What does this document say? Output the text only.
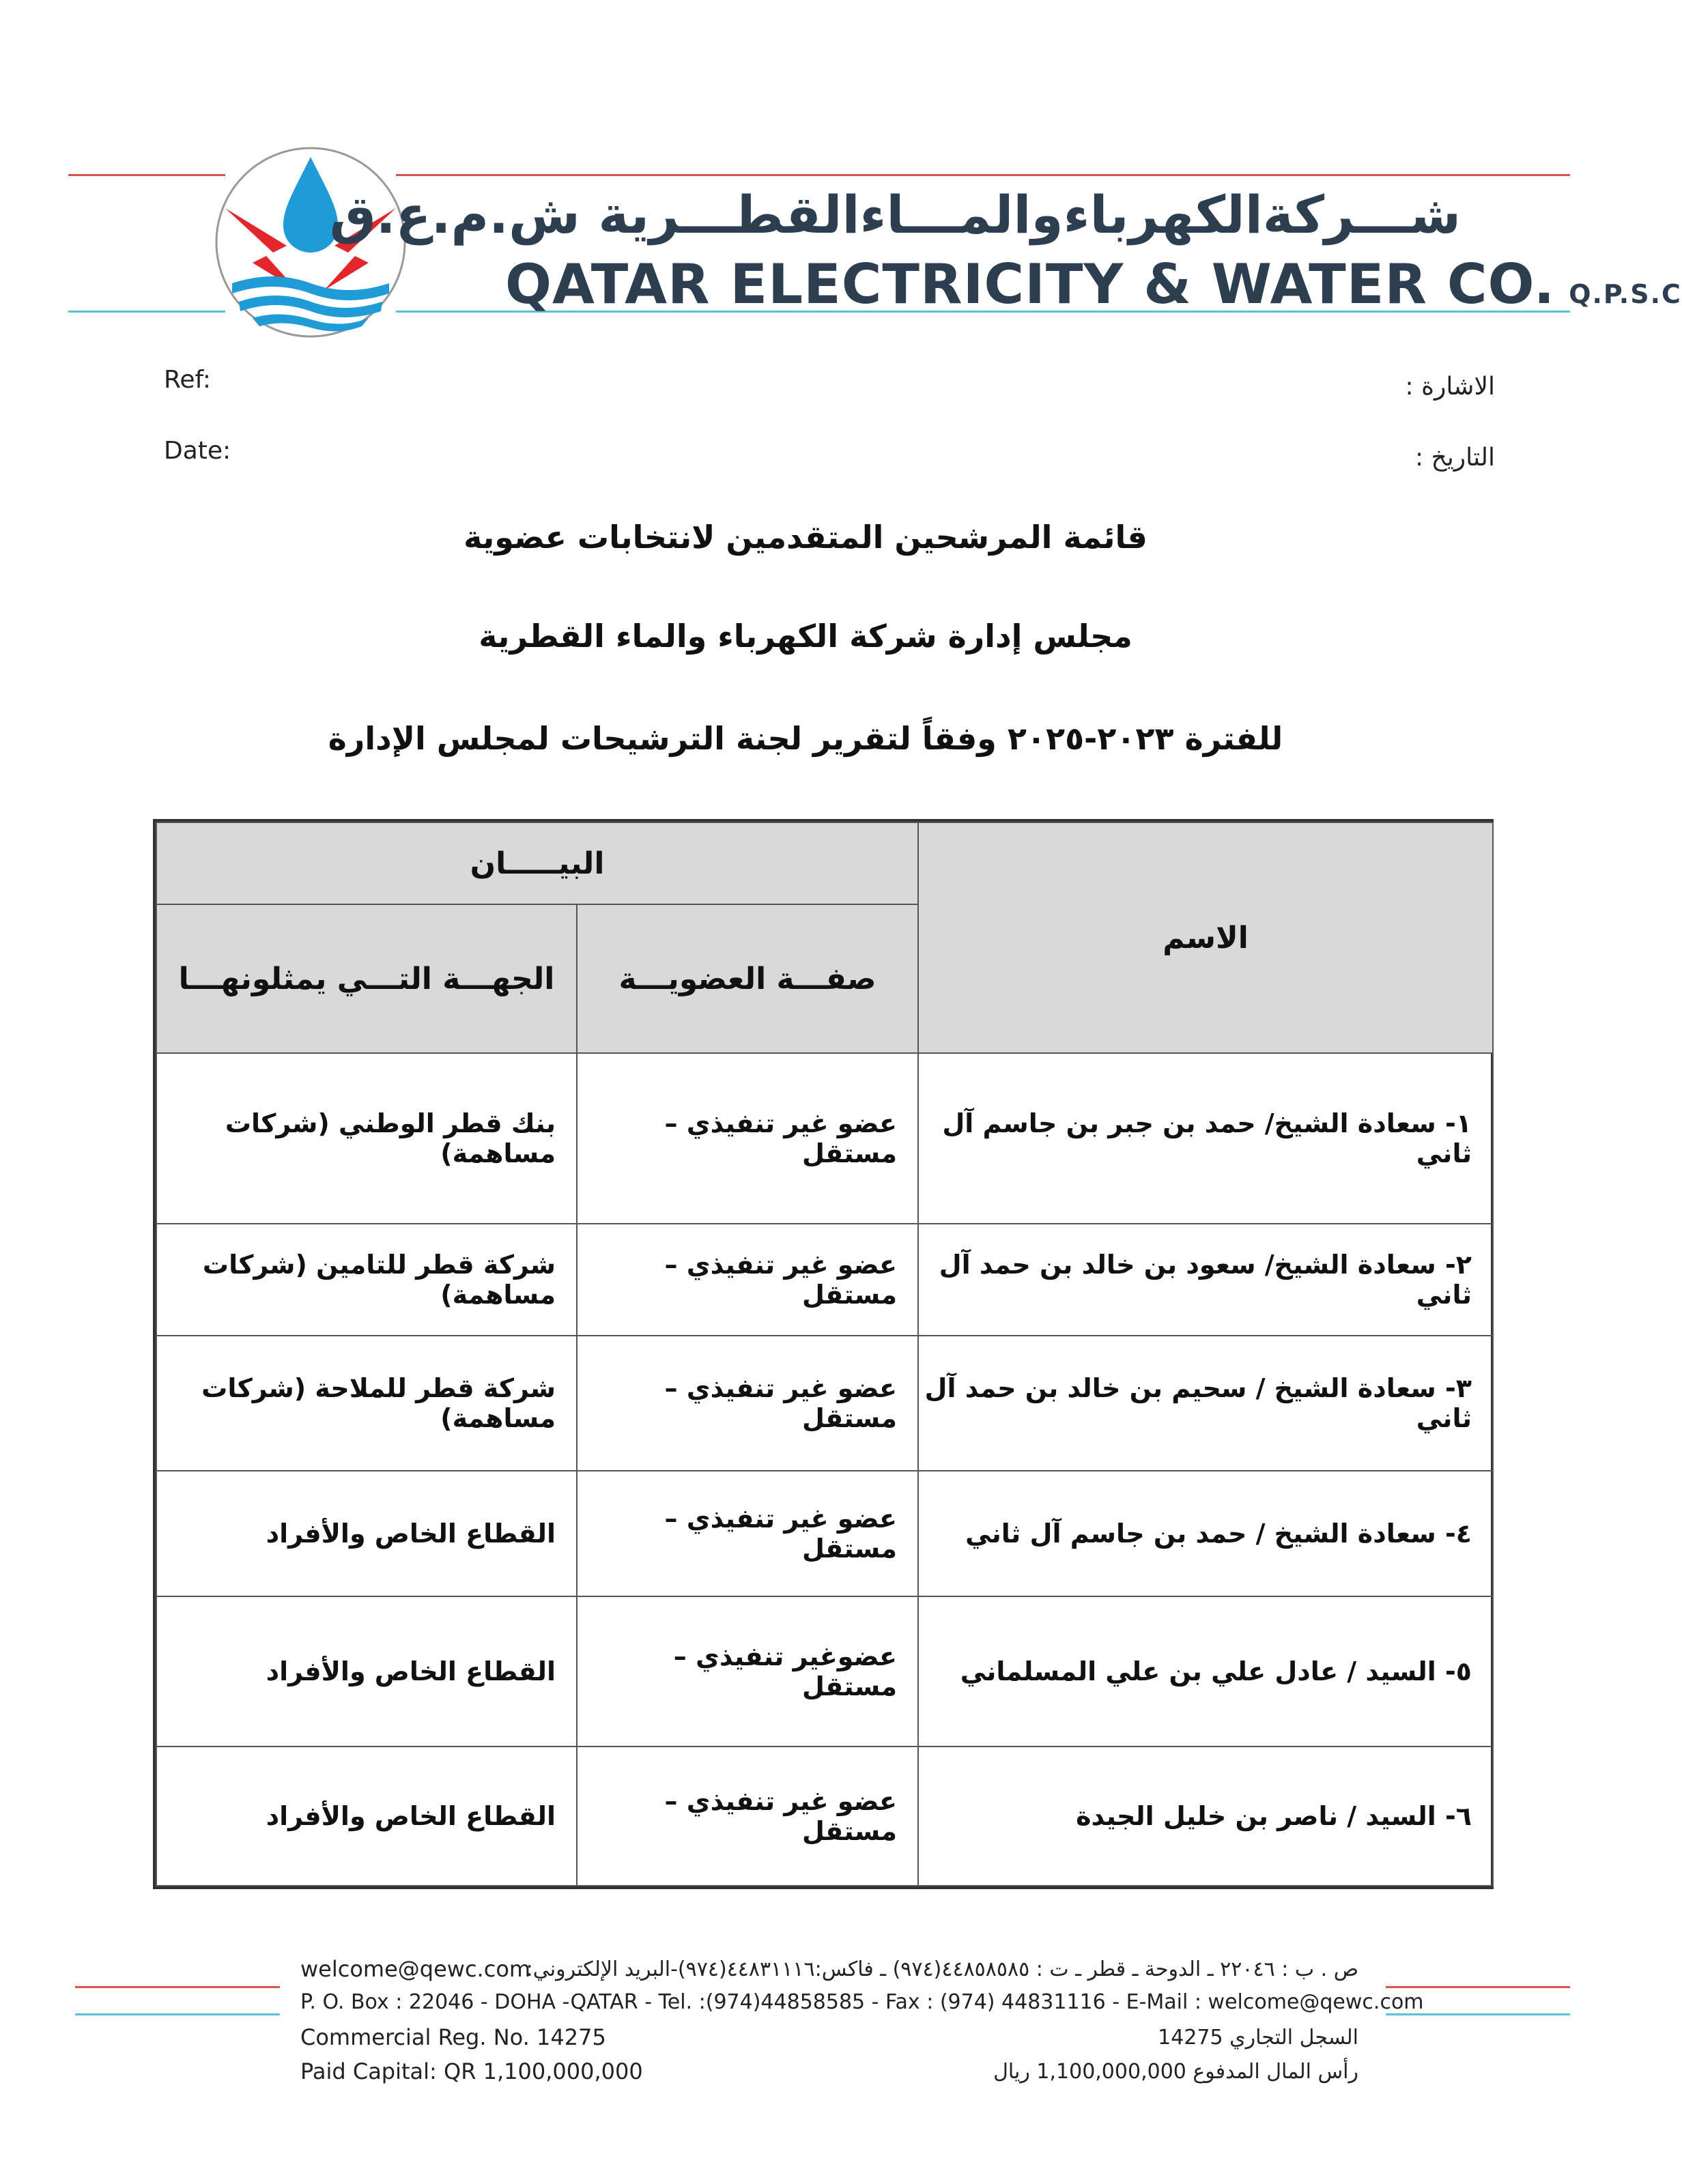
شـــركةالكهرباءوالمـــاءالقطـــرية ش.م.ع.ق
QATAR ELECTRICITY & WATER CO. Q.P.S.C
Ref:
Date:
الاشارة :
التاريخ :
قائمة المرشحين المتقدمين لانتخابات عضوية
مجلس إدارة شركة الكهرباء والماء القطرية
للفترة ٢٠٢٣-٢٠٢٥ وفقاً لتقرير لجنة الترشيحات لمجلس الإدارة
الاسم
البيـــــان
صفـــة العضويـــة
الجهـــة التـــي يمثلونهـــا
١- سعادة الشيخ/ حمد بن جبر بن جاسم آل ثاني
عضو غير تنفيذي –مستقل
بنك قطر الوطني (شركات مساهمة)
٢- سعادة الشيخ/ سعود بن خالد بن حمد آل ثاني
عضو غير تنفيذي – مستقل
شركة قطر للتامين (شركات مساهمة)
٣- سعادة الشيخ / سحيم بن خالد بن حمد آل ثاني
عضو غير تنفيذي – مستقل
شركة قطر للملاحة (شركات مساهمة)
٤- سعادة الشيخ / حمد بن جاسم آل ثاني
عضو غير تنفيذي – مستقل
القطاع الخاص والأفراد
٥- السيد / عادل علي بن علي المسلماني
عضوغير تنفيذي – مستقل
القطاع الخاص والأفراد
٦- السيد / ناصر بن خليل الجيدة
عضو غير تنفيذي – مستقل
القطاع الخاص والأفراد
welcome@qewc.com
ص . ب : ٢٢٠٤٦ ـ الدوحة ـ قطر ـ ت : ٤٤٨٥٨٥٨٥(٩٧٤) ـ فاكس:٤٤٨٣١١١٦(٩٧٤)-البريد الإلكتروني:
P. O. Box : 22046 - DOHA -QATAR - Tel. :(974)44858585 - Fax : (974) 44831116 - E-Mail : welcome@qewc.com
Commercial Reg. No. 14275	السجل التجاري 14275
Paid Capital: QR 1,100,000,000	رأس المال المدفوع 1,100,000,000 ريال
